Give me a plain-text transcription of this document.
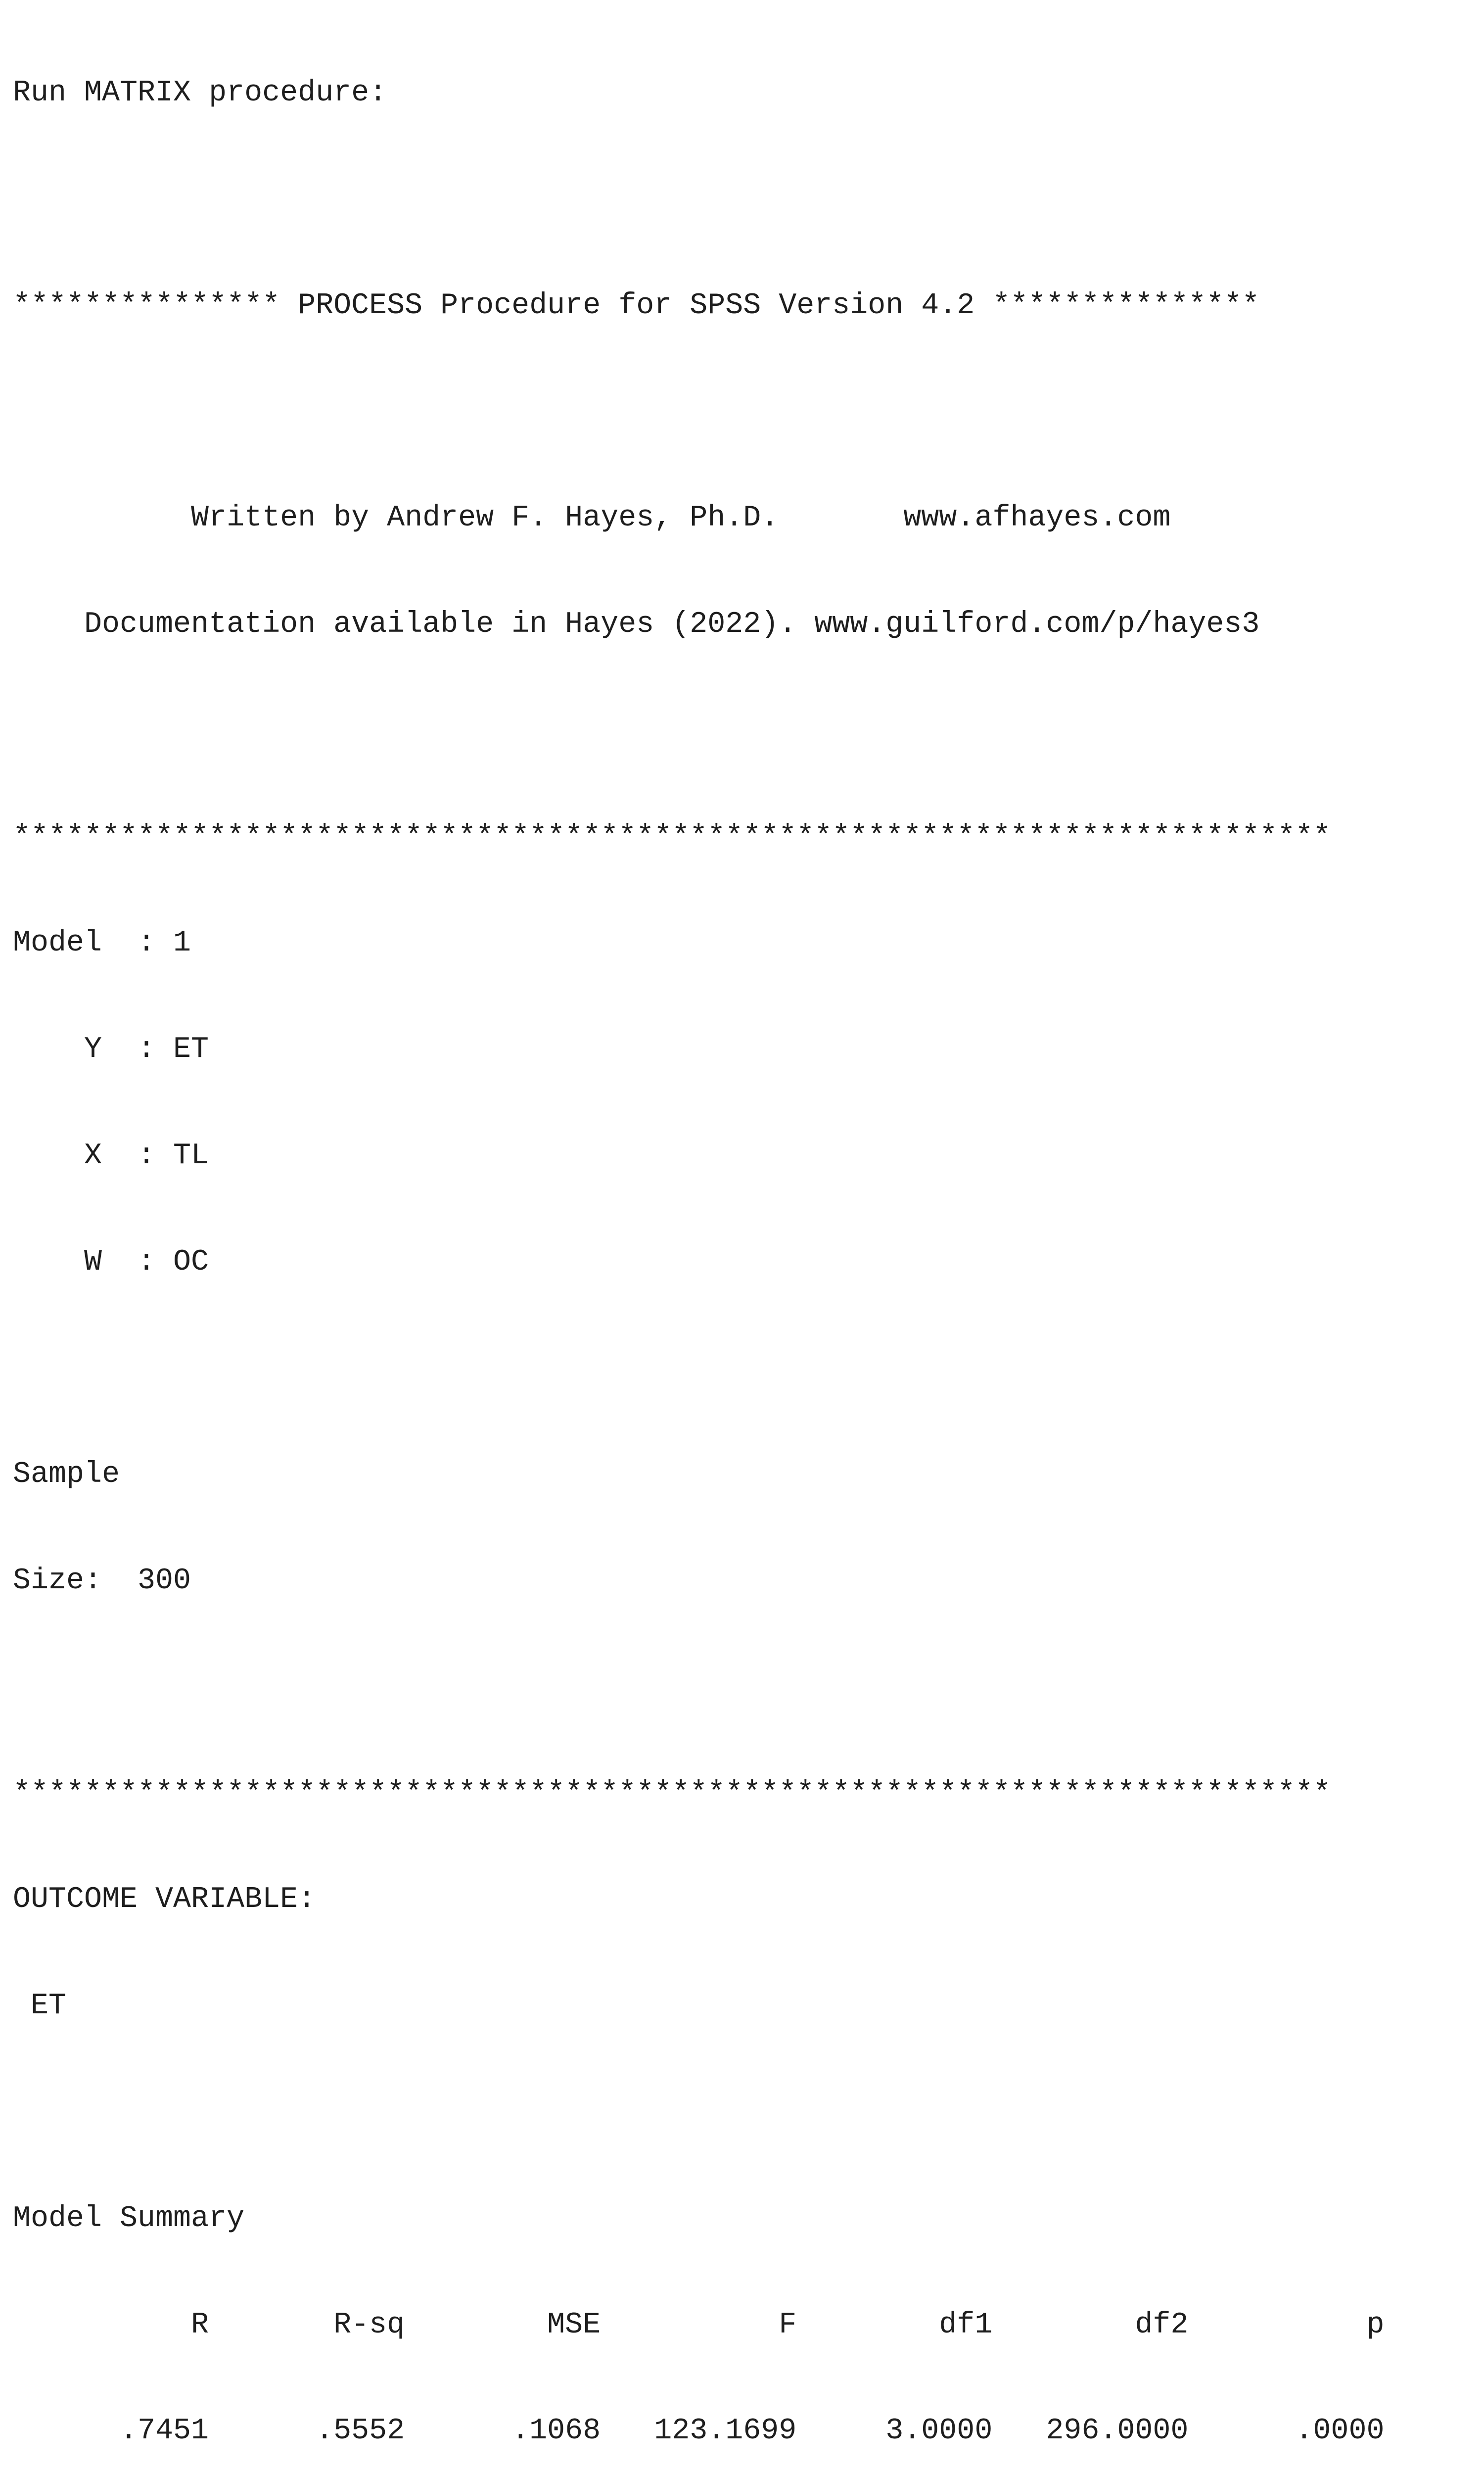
Run MATRIX procedure:

*************** PROCESS Procedure for SPSS Version 4.2 ***************

Written by Andrew F. Hayes, Ph.D.       www.afhayes.com

Documentation available in Hayes (2022). www.guilford.com/p/hayes3

**************************************************************************

Model  : 1

Y  : ET

X  : TL

W  : OC

Sample

Size:  300

**************************************************************************

OUTCOME VARIABLE:

ET

Model Summary

R       R-sq        MSE          F        df1        df2          p

.7451      .5552      .1068   123.1699     3.0000   296.0000      .0000
